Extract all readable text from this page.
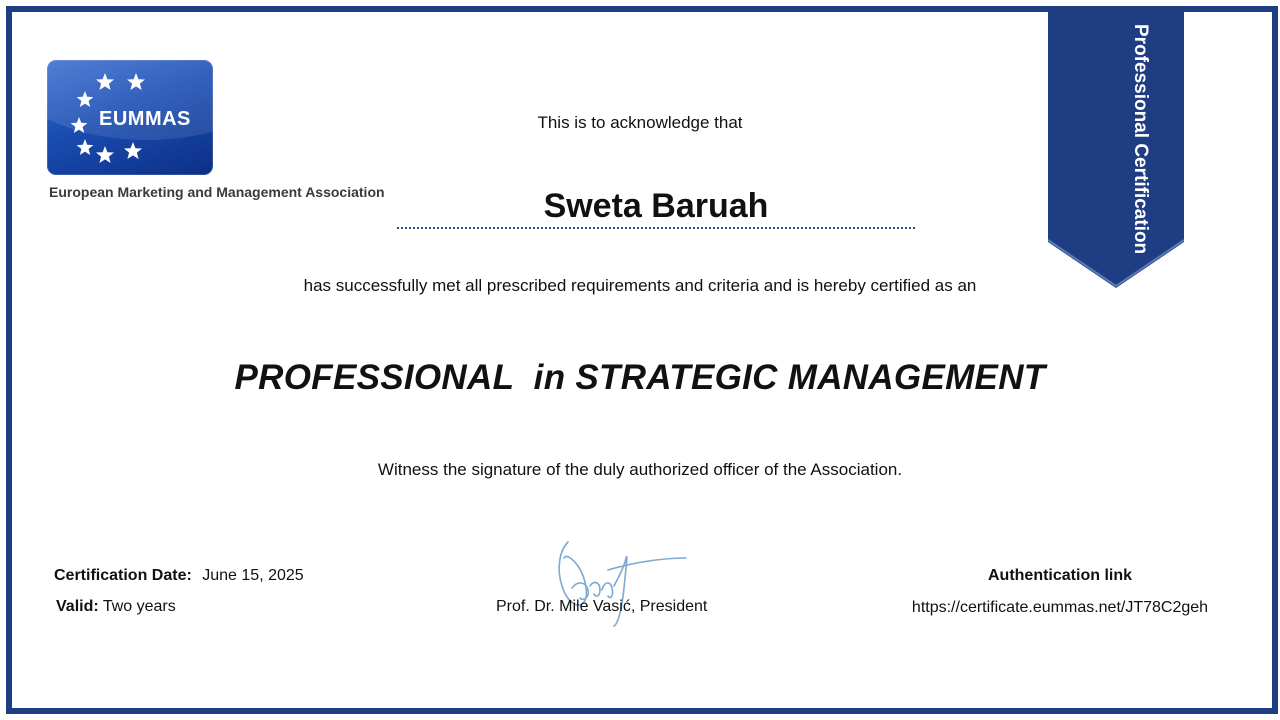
EUMMAS
European Marketing and Management Association
This is to acknowledge that
Sweta Baruah
has successfully met all prescribed requirements and criteria and is hereby certified as an
PROFESSIONAL  in STRATEGIC MANAGEMENT
Witness the signature of the duly authorized officer of the Association.
Professional Certification
Certification Date: June 15, 2025
Valid: Two years	Prof. Dr. Mile Vasić, President
Authentication link
https://certificate.eummas.net/JT78C2geh
